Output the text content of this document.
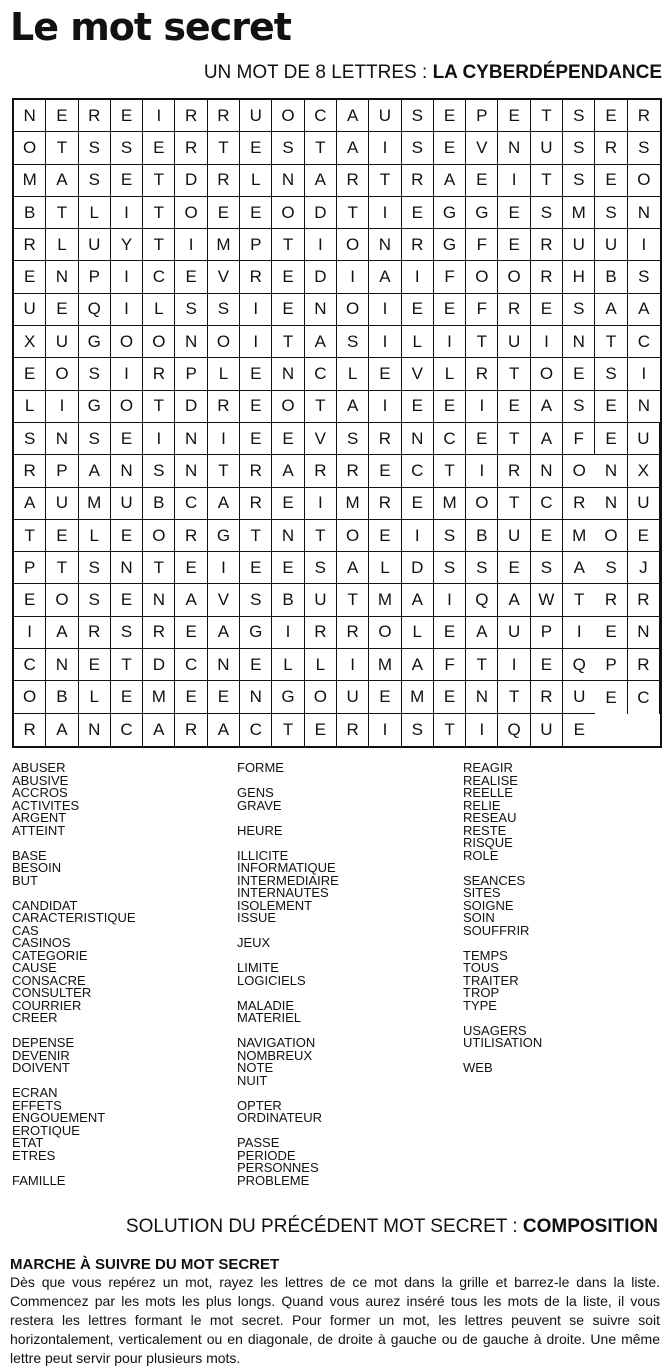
Le mot secret
UN MOT DE 8 LETTRES : LA CYBERDÉPENDANCE
N	E	R	E	I	R	R	U	O	C	A	U	S	E	P	E	T	S	E	R
O	T	S	S	E	R	T	E	S	T	A	I	S	E	V	N	U	S	R	S
M	A	S	E	T	D	R	L	N	A	R	T	R	A	E	I	T	S	E	O
B	T	L	I	T	O	E	E	O	D	T	I	E	G	G	E	S	M	S	N
R	L	U	Y	T	I	M	P	T	I	O	N	R	G	F	E	R	U	U	I
E	N	P	I	C	E	V	R	E	D	I	A	I	F	O	O	R	H	B	S
U	E	Q	I	L	S	S	I	E	N	O	I	E	E	F	R	E	S	A	A
X	U	G	O	O	N	O	I	T	A	S	I	L	I	T	U	I	N	T	C
E	O	S	I	R	P	L	E	N	C	L	E	V	L	R	T	O	E	S	I
L	I	G	O	T	D	R	E	O	T	A	I	E	E	I	E	A	S	E	N
S	N	S	E	I	N	I	E	E	V	S	R	N	C	E	T	A	F	E	U
R	P	A	N	S	N	T	R	A	R	R	E	C	T	I	R	N	O	N	X
A	U	M	U	B	C	A	R	E	I	M	R	E	M	O	T	C	R	N	U
T	E	L	E	O	R	G	T	N	T	O	E	I	S	B	U	E	M	O	E
P	T	S	N	T	E	I	E	E	S	A	L	D	S	S	E	S	A	S	J
E	O	S	E	N	A	V	S	B	U	T	M	A	I	Q	A	W	T	R	R
I	A	R	S	R	E	A	G	I	R	R	O	L	E	A	U	P	I	E	N
C	N	E	T	D	C	N	E	L	L	I	M	A	F	T	I	E	Q	P	R
O	B	L	E	M	E	E	N	G	O	U	E	M	E	N	T	R	U	E	C
R	A	N	C	A	R	A	C	T	E	R	I	S	T	I	Q	U	E
ABUSER
ABUSIVE
ACCROS
ACTIVITES
ARGENT
ATTEINT
BASE
BESOIN
BUT
CANDIDAT
CARACTERISTIQUE
CAS
CASINOS
CATEGORIE
CAUSE
CONSACRE
CONSULTER
COURRIER
CREER
DEPENSE
DEVENIR
DOIVENT
ECRAN
EFFETS
ENGOUEMENT
EROTIQUE
ETAT
ETRES
FAMILLE
FORME
GENS
GRAVE
HEURE
ILLICITE
INFORMATIQUE
INTERMEDIAIRE
INTERNAUTES
ISOLEMENT
ISSUE
JEUX
LIMITE
LOGICIELS
MALADIE
MATERIEL
NAVIGATION
NOMBREUX
NOTE
NUIT
OPTER
ORDINATEUR
PASSE
PERIODE
PERSONNES
PROBLEME
REAGIR
REALISE
REELLE
RELIE
RESEAU
RESTE
RISQUE
ROLE
SEANCES
SITES
SOIGNE
SOIN
SOUFFRIR
TEMPS
TOUS
TRAITER
TROP
TYPE
USAGERS
UTILISATION
WEB
SOLUTION DU PRÉCÉDENT MOT SECRET : COMPOSITION
MARCHE À SUIVRE DU MOT SECRET

Dès que vous repérez un mot, rayez les lettres de ce mot dans la grille et barrez-le dans la liste. Commencez par les mots les plus longs. Quand vous aurez inséré tous les mots de la liste, il vous restera les lettres formant le mot secret. Pour former un mot, les lettres peuvent se suivre soit horizontalement, verticalement ou en diagonale, de droite à gauche ou de gauche à droite. Une même lettre peut servir pour plusieurs mots.
